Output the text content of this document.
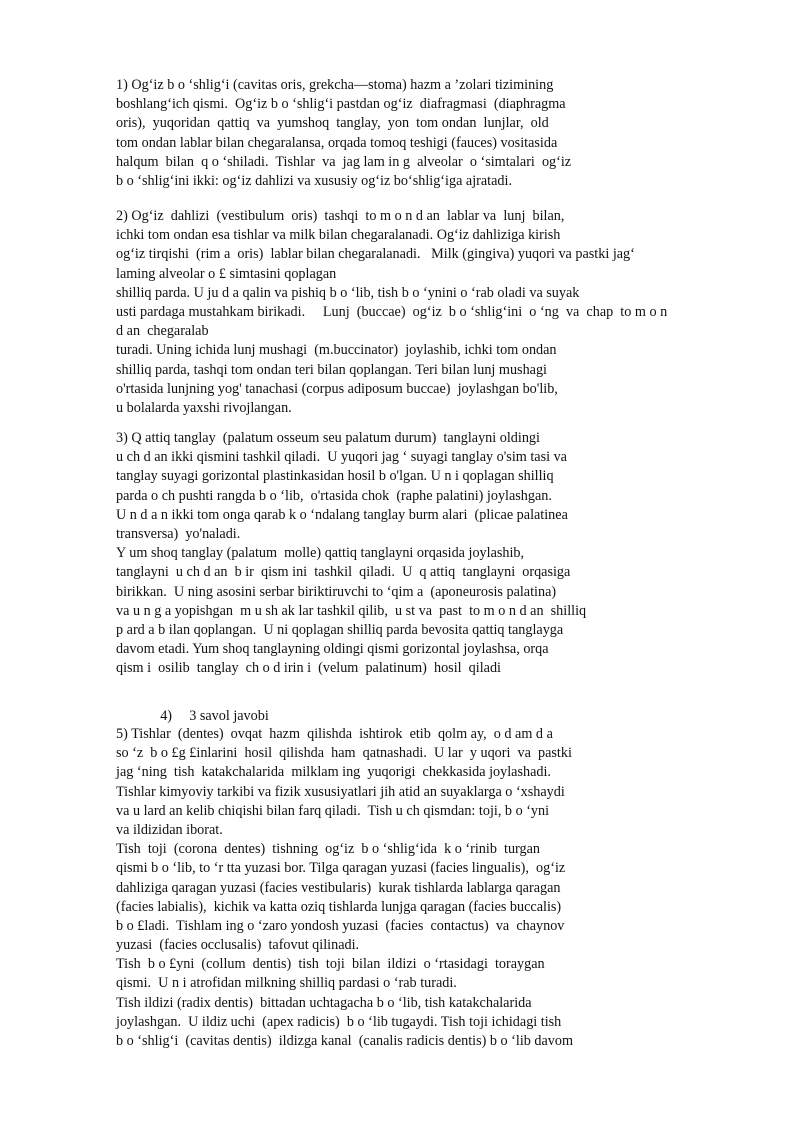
1) Og‘iz b o ‘shlig‘i (cavitas oris, grekcha—stoma) hazm a ’zolari tizimining
boshlang‘ich qismi.  Og‘iz b o ‘shlig‘i pastdan og‘iz  diafragmasi  (diaphragma
oris),  yuqoridan  qattiq  va  yumshoq  tanglay,  yon  tom ondan  lunjlar,  old
tom ondan lablar bilan chegaralansa, orqada tomoq teshigi (fauces) vositasida
halqum  bilan  q o ‘shiladi.  Tishlar  va  jag lam in g  alveolar  o ‘simtalari  og‘iz
b o ‘shlig‘ini ikki: og‘iz dahlizi va xususiy og‘iz bo‘shlig‘iga ajratadi.
2) Og‘iz  dahlizi  (vestibulum  oris)  tashqi  to m o n d an  lablar va  lunj  bilan,
ichki tom ondan esa tishlar va milk bilan chegaralanadi. Og‘iz dahliziga kirish
og‘iz tirqishi  (rim a  oris)  lablar bilan chegaralanadi.   Milk (gingiva) yuqori va pastki jag‘
laming alveolar o £ simtasini qoplagan
shilliq parda. U ju d a qalin va pishiq b o ‘lib, tish b o ‘ynini o ‘rab oladi va suyak
usti pardaga mustahkam birikadi.     Lunj  (buccae)  og‘iz  b o ‘shlig‘ini  o ‘ng  va  chap  to m o n
d an  chegaralab
turadi. Uning ichida lunj mushagi  (m.buccinator)  joylashib, ichki tom ondan
shilliq parda, tashqi tom ondan teri bilan qoplangan. Teri bilan lunj mushagi
o'rtasida lunjning yog' tanachasi (corpus adiposum buccae)  joylashgan bo'lib,
u bolalarda yaxshi rivojlangan.
3) Q attiq tanglay  (palatum osseum seu palatum durum)  tanglayni oldingi
u ch d an ikki qismini tashkil qiladi.  U yuqori jag ‘ suyagi tanglay o'sim tasi va
tanglay suyagi gorizontal plastinkasidan hosil b o'lgan. U n i qoplagan shilliq
parda o ch pushti rangda b o ‘lib,  o'rtasida chok  (raphe palatini) joylashgan.
U n d a n ikki tom onga qarab k o ‘ndalang tanglay burm alari  (plicae palatinea
transversa)  yo'naladi.
Y um shoq tanglay (palatum  molle) qattiq tanglayni orqasida joylashib,
tanglayni  u ch d an  b ir  qism ini  tashkil  qiladi.  U  q attiq  tanglayni  orqasiga
birikkan.  U ning asosini serbar biriktiruvchi to ‘qim a  (aponeurosis palatina)
va u n g a yopishgan  m u sh ak lar tashkil qilib,  u st va  past  to m o n d an  shilliq
p ard a b ilan qoplangan.  U ni qoplagan shilliq parda bevosita qattiq tanglayga
davom etadi. Yum shoq tanglayning oldingi qismi gorizontal joylashsa, orqa
qism i  osilib  tanglay  ch o d irin i  (velum  palatinum)  hosil  qiladi

4) 3 savol javobi

5) Tishlar  (dentes)  ovqat  hazm  qilishda  ishtirok  etib  qolm ay,  o d am d a
so ‘z  b o £g £inlarini  hosil  qilishda  ham  qatnashadi.  U lar  y uqori  va  pastki
jag ‘ning  tish  katakchalarida  milklam ing  yuqorigi  chekkasida joylashadi.
Tishlar kimyoviy tarkibi va fizik xususiyatlari jih atid an suyaklarga o ‘xshaydi
va u lard an kelib chiqishi bilan farq qiladi.  Tish u ch qismdan: toji, b o ‘yni
va ildizidan iborat.
Tish  toji  (corona  dentes)  tishning  og‘iz  b o ‘shlig‘ida  k o ‘rinib  turgan
qismi b o ‘lib, to ‘r tta yuzasi bor. Tilga qaragan yuzasi (facies lingualis),  og‘iz
dahliziga qaragan yuzasi (facies vestibularis)  kurak tishlarda lablarga qaragan
(facies labialis),  kichik va katta oziq tishlarda lunjga qaragan (facies buccalis)
b o £ladi.  Tishlam ing o ‘zaro yondosh yuzasi  (facies  contactus)  va  chaynov
yuzasi  (facies occlusalis)  tafovut qilinadi.
Tish  b o £yni  (collum  dentis)  tish  toji  bilan  ildizi  o ‘rtasidagi  toraygan
qismi.  U n i atrofidan milkning shilliq pardasi o ‘rab turadi.
Tish ildizi (radix dentis)  bittadan uchtagacha b o ‘lib, tish katakchalarida
joylashgan.  U ildiz uchi  (apex radicis)  b o ‘lib tugaydi. Tish toji ichidagi tish
b o ‘shlig‘i  (cavitas dentis)  ildizga kanal  (canalis radicis dentis) b o ‘lib davom
